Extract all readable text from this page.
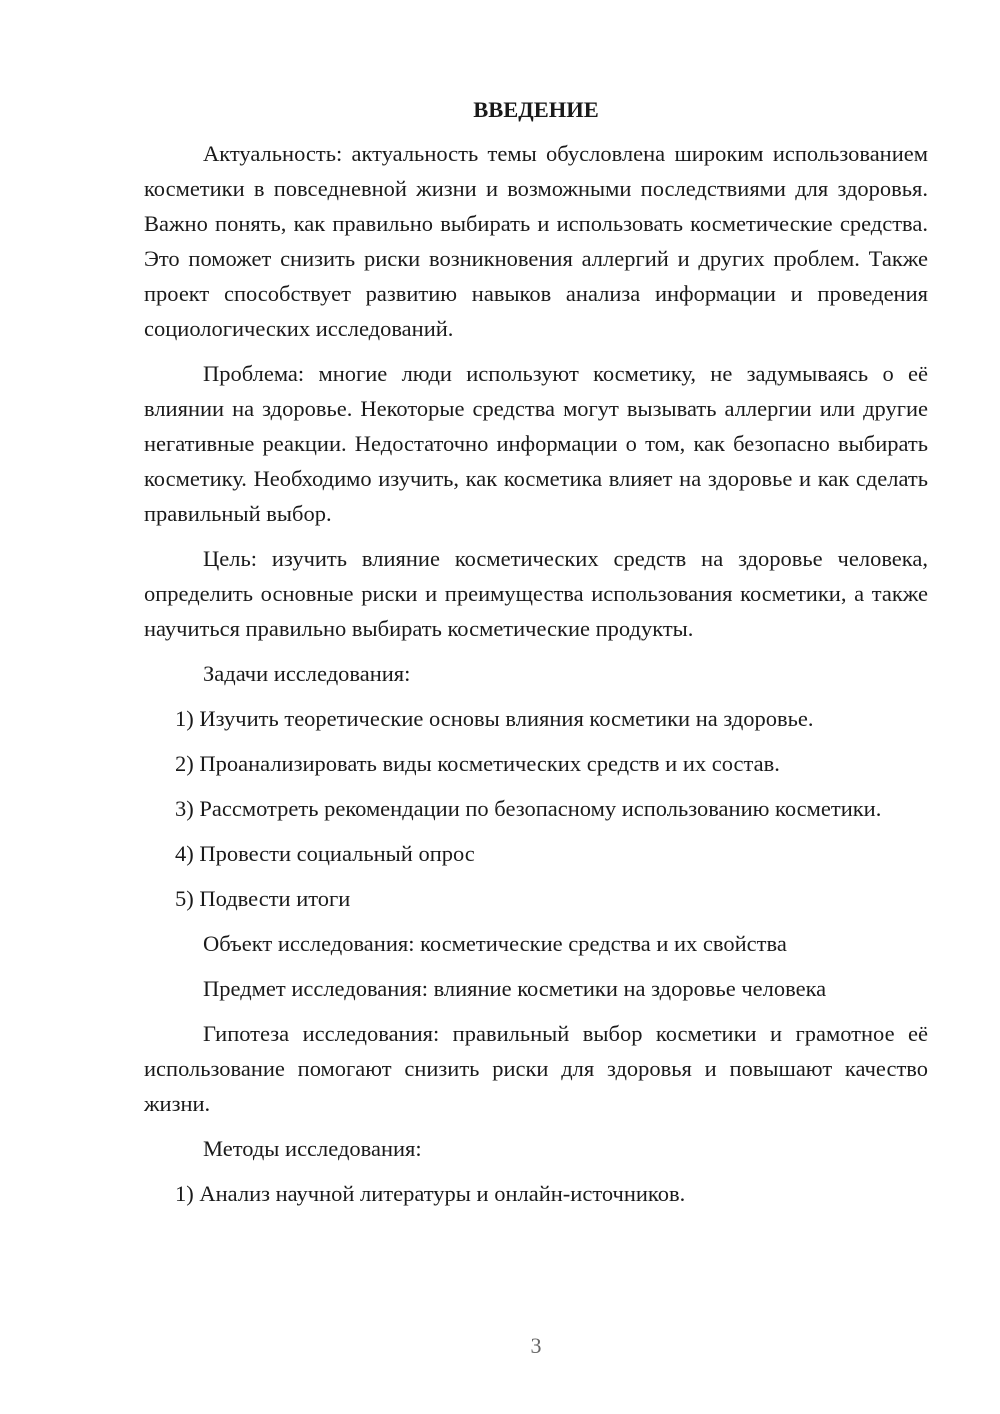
ВВЕДЕНИЕ

Актуальность: актуальность темы обусловлена широким использованием косметики в повседневной жизни и возможными последствиями для здоровья. Важно понять, как правильно выбирать и использовать косметические средства. Это поможет снизить риски возникновения аллергий и других проблем. Также проект способствует развитию навыков анализа информации и проведения социологических исследований.

Проблема: многие люди используют косметику, не задумываясь о её влиянии на здоровье. Некоторые средства могут вызывать аллергии или другие негативные реакции. Недостаточно информации о том, как безопасно выбирать косметику. Необходимо изучить, как косметика влияет на здоровье и как сделать правильный выбор.

Цель: изучить влияние косметических средств на здоровье человека, определить основные риски и преимущества использования косметики, а также научиться правильно выбирать косметические продукты.

Задачи исследования:

1) Изучить теоретические основы влияния косметики на здоровье.

2) Проанализировать виды косметических средств и их состав.

3) Рассмотреть рекомендации по безопасному использованию косметики.

4) Провести социальный опрос

5) Подвести итоги

Объект исследования: косметические средства и их свойства

Предмет исследования: влияние косметики на здоровье человека

Гипотеза исследования: правильный выбор косметики и грамотное её использование помогают снизить риски для здоровья и повышают качество жизни.

Методы исследования:

1) Анализ научной литературы и онлайн-источников.

3
